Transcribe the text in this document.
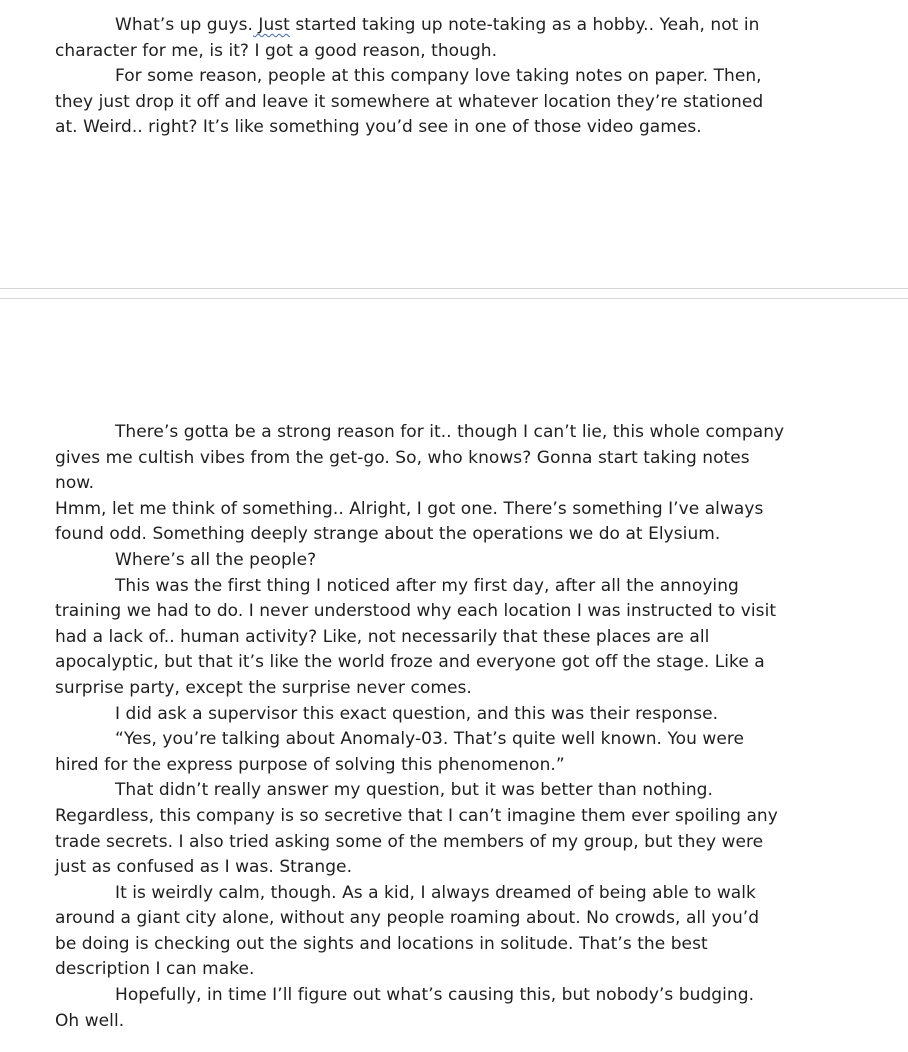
What’s up guys. Just started taking up note-taking as a hobby.. Yeah, not in
character for me, is it? I got a good reason, though.

For some reason, people at this company love taking notes on paper. Then,
they just drop it off and leave it somewhere at whatever location they’re stationed
at. Weird.. right? It’s like something you’d see in one of those video games.

There’s gotta be a strong reason for it.. though I can’t lie, this whole company
gives me cultish vibes from the get-go. So, who knows? Gonna start taking notes
now.

Hmm, let me think of something.. Alright, I got one. There’s something I’ve always
found odd. Something deeply strange about the operations we do at Elysium.

Where’s all the people?

This was the first thing I noticed after my first day, after all the annoying
training we had to do. I never understood why each location I was instructed to visit
had a lack of.. human activity? Like, not necessarily that these places are all
apocalyptic, but that it’s like the world froze and everyone got off the stage. Like a
surprise party, except the surprise never comes.

I did ask a supervisor this exact question, and this was their response.

“Yes, you’re talking about Anomaly-03. That’s quite well known. You were
hired for the express purpose of solving this phenomenon.”

That didn’t really answer my question, but it was better than nothing.
Regardless, this company is so secretive that I can’t imagine them ever spoiling any
trade secrets. I also tried asking some of the members of my group, but they were
just as confused as I was. Strange.

It is weirdly calm, though. As a kid, I always dreamed of being able to walk
around a giant city alone, without any people roaming about. No crowds, all you’d
be doing is checking out the sights and locations in solitude. That’s the best
description I can make.

Hopefully, in time I’ll figure out what’s causing this, but nobody’s budging.
Oh well.
